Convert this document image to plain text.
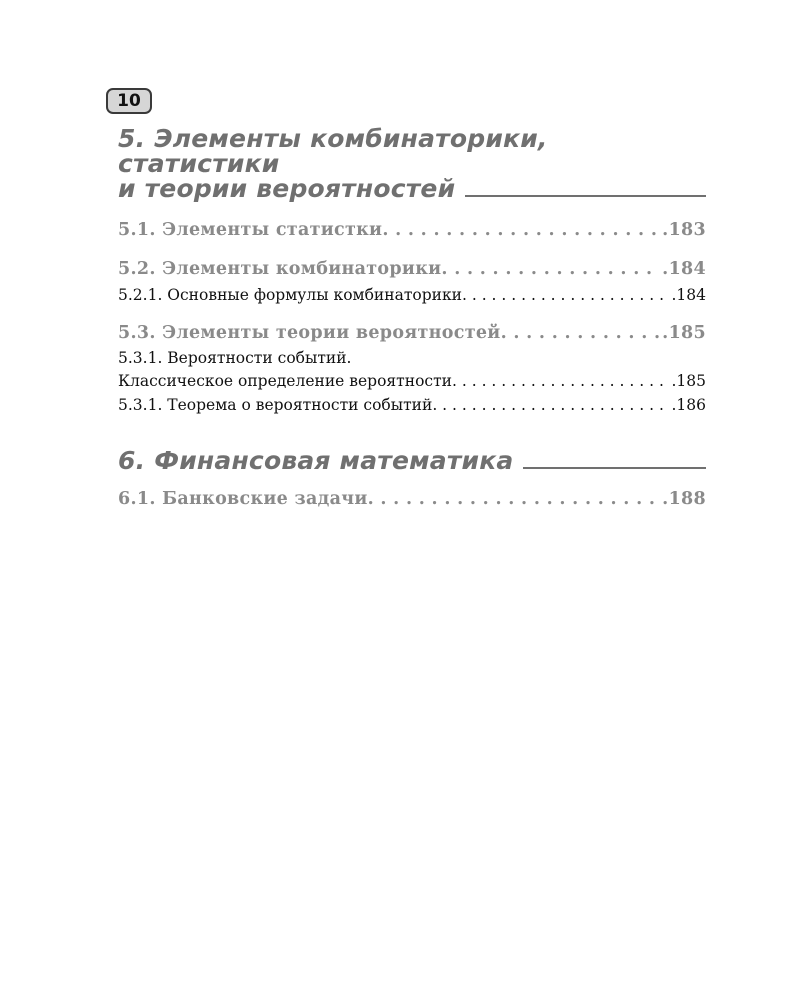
10
5. Элементы комбинаторики,
статистики
и теории вероятностей
5.1. Элементы статистки . . .	.183
5.2. Элементы комбинаторики . . .	.184
5.2.1. Основные формулы комбинаторики . . .	.184
5.3. Элементы теории вероятностей . . .	.185
5.3.1. Вероятности событий.
Классическое определение вероятности . . .	.185
5.3.1. Теорема о вероятности событий . . .	.186
6. Финансовая математика
6.1. Банковские задачи . . .	.188
